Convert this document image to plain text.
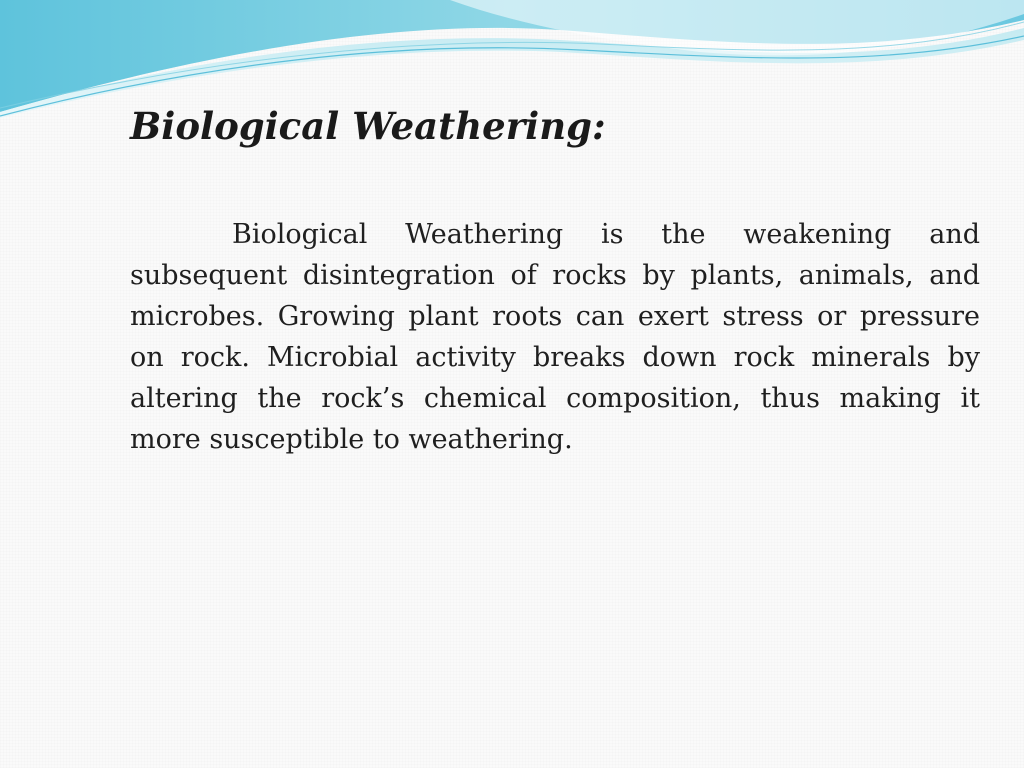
Biological Weathering:

Biological Weathering is the weakening and subsequent disintegration of rocks by plants, animals, and microbes. Growing plant roots can exert stress or pressure on rock. Microbial activity breaks down rock minerals by altering the rock’s chemical composition, thus making it more susceptible to weathering.
